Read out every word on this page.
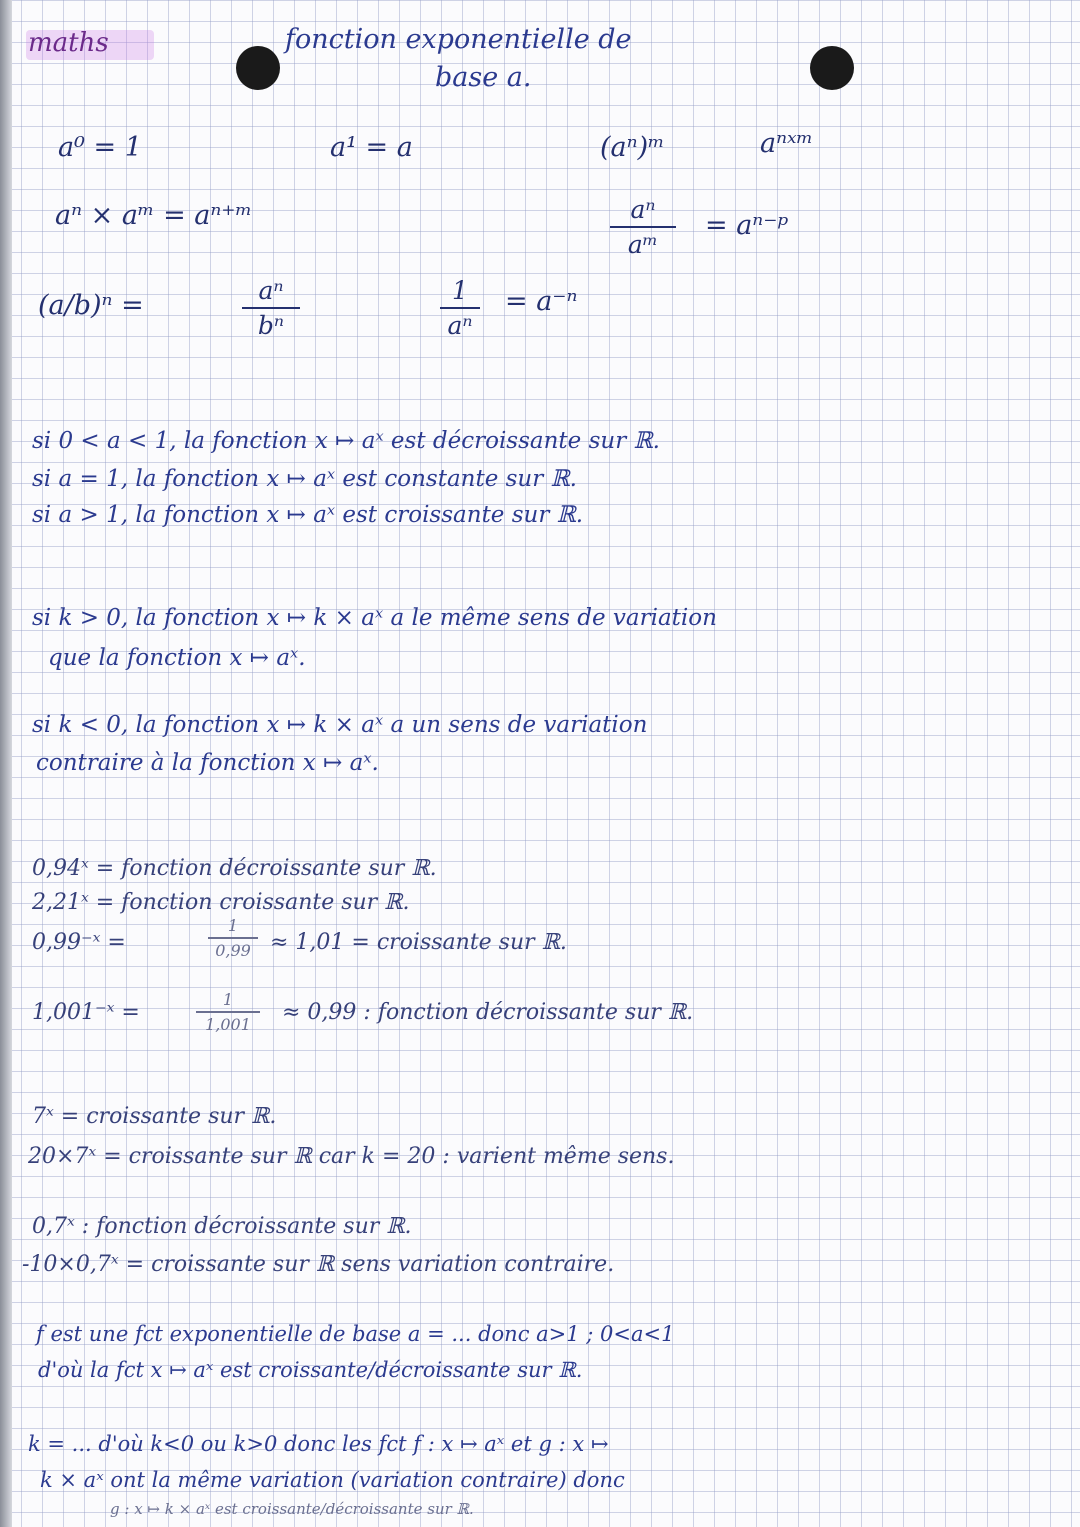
maths	fonction exponentielle de
base a.
a⁰ = 1	a¹ = a	(aⁿ)ᵐ	aⁿˣᵐ
aⁿ × aᵐ = aⁿ⁺ᵐ	aⁿ
aᵐ
= aⁿ⁻ᵖ
(a/b)ⁿ =	aⁿ
bⁿ
1
aⁿ
= a⁻ⁿ
si 0 < a < 1, la fonction x ↦ aˣ est décroissante sur ℝ.
si a = 1, la fonction x ↦ aˣ est constante sur ℝ.
si a > 1, la fonction x ↦ aˣ est croissante sur ℝ.
si k > 0, la fonction x ↦ k × aˣ a le même sens de variation
que la fonction x ↦ aˣ.
si k < 0, la fonction x ↦ k × aˣ a un sens de variation
contraire à la fonction x ↦ aˣ.
0,94ˣ = fonction décroissante sur ℝ.
2,21ˣ = fonction croissante sur ℝ.
0,99⁻ˣ =
1
0,99 ≈ 1,01 = croissante sur ℝ.
1,001⁻ˣ =
1
1,001	≈ 0,99 : fonction décroissante sur ℝ.
7ˣ = croissante sur ℝ.
20×7ˣ = croissante sur ℝ car k = 20 : varient même sens.
0,7ˣ : fonction décroissante sur ℝ.
-10×0,7ˣ = croissante sur ℝ sens variation contraire.
f est une fct exponentielle de base a = ... donc a>1 ; 0<a<1
d'où la fct x ↦ aˣ est croissante/décroissante sur ℝ.
k = ... d'où k<0 ou k>0 donc les fct f : x ↦ aˣ et g : x ↦
k × aˣ ont la même variation (variation contraire) donc
g : x ↦ k × aˣ est croissante/décroissante sur ℝ.
